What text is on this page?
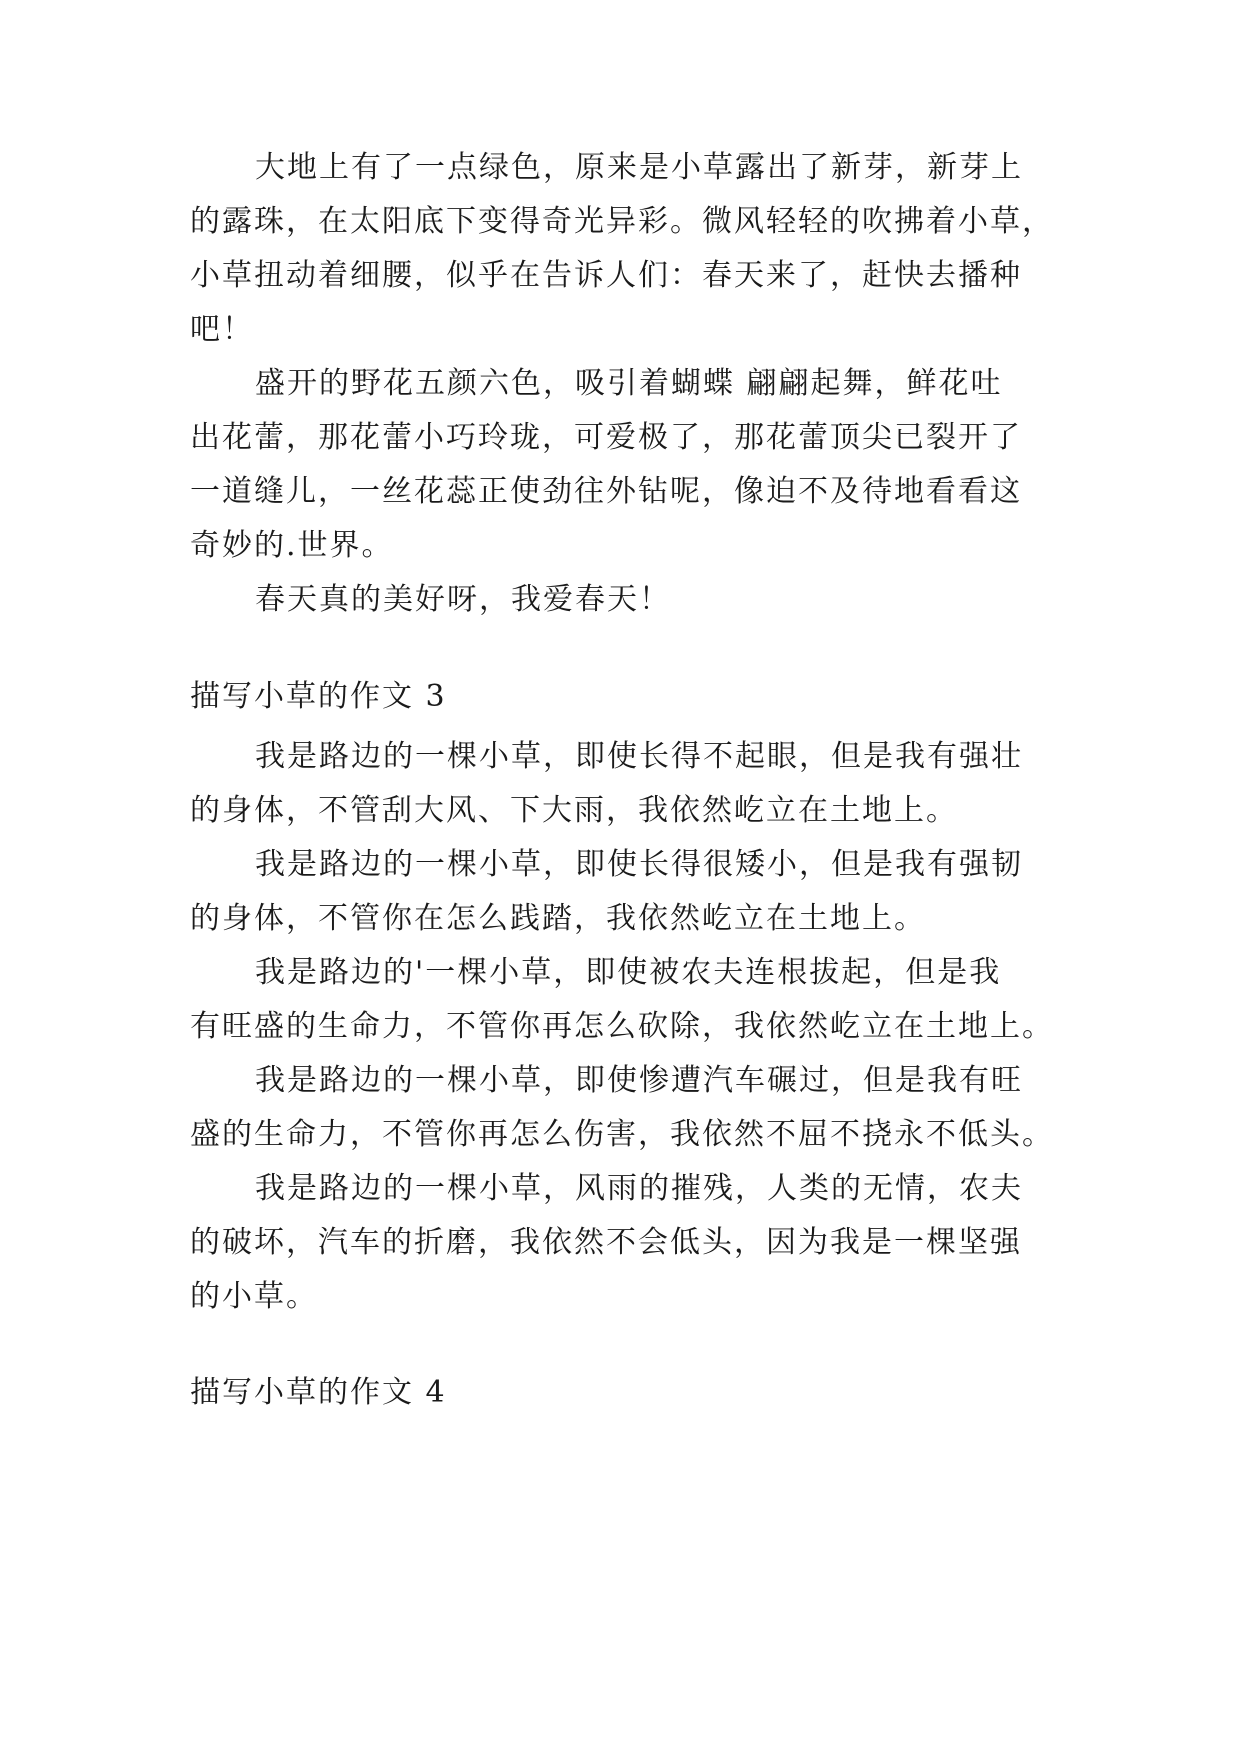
大地上有了一点绿色，原来是小草露出了新芽，新芽上
的露珠，在太阳底下变得奇光异彩。微风轻轻的吹拂着小草，
小草扭动着细腰，似乎在告诉人们：春天来了，赶快去播种
吧！
盛开的野花五颜六色，吸引着蝴蝶 翩翩起舞，鲜花吐
出花蕾，那花蕾小巧玲珑，可爱极了，那花蕾顶尖已裂开了
一道缝儿，一丝花蕊正使劲往外钻呢，像迫不及待地看看这
奇妙的.世界。
春天真的美好呀，我爱春天！
描写小草的作文 3
我是路边的一棵小草，即使长得不起眼，但是我有强壮
的身体，不管刮大风、下大雨，我依然屹立在土地上。
我是路边的一棵小草，即使长得很矮小，但是我有强韧
的身体，不管你在怎么践踏，我依然屹立在土地上。
我是路边的'一棵小草，即使被农夫连根拔起，但是我
有旺盛的生命力，不管你再怎么砍除，我依然屹立在土地上。
我是路边的一棵小草，即使惨遭汽车碾过，但是我有旺
盛的生命力，不管你再怎么伤害，我依然不屈不挠永不低头。
我是路边的一棵小草，风雨的摧残，人类的无情，农夫
的破坏，汽车的折磨，我依然不会低头，因为我是一棵坚强
的小草。
描写小草的作文 4
